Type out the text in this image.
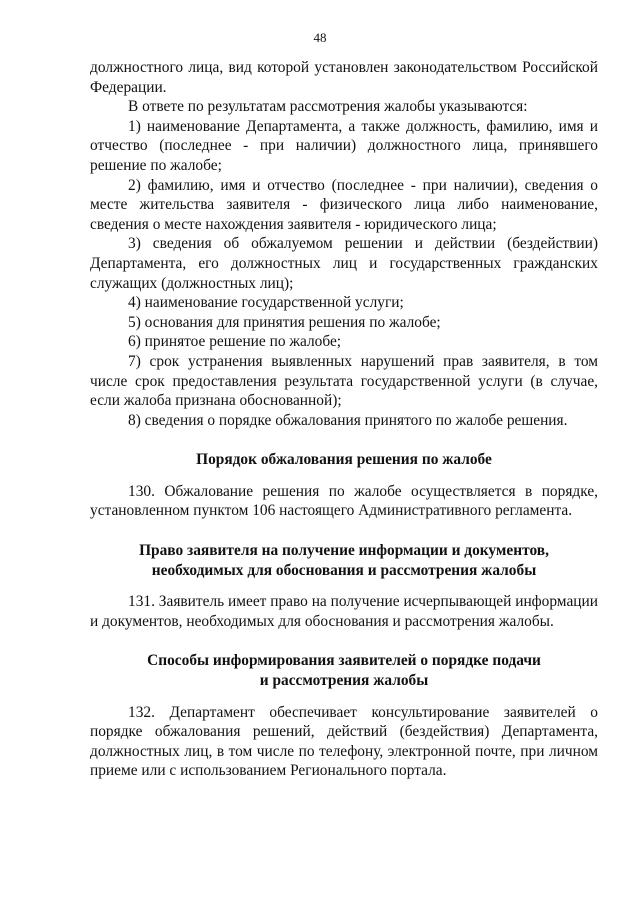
48

должностного лица, вид которой установлен законодательством Российской Федерации.

В ответе по результатам рассмотрения жалобы указываются:

1) наименование Департамента, а также должность, фамилию, имя и отчество (последнее - при наличии) должностного лица, принявшего решение по жалобе;

2) фамилию, имя и отчество (последнее - при наличии), сведения о месте жительства заявителя - физического лица либо наименование, сведения о месте нахождения заявителя - юридического лица;

3) сведения об обжалуемом решении и действии (бездействии) Департамента, его должностных лиц и государственных гражданских служащих (должностных лиц);

4) наименование государственной услуги;

5) основания для принятия решения по жалобе;

6) принятое решение по жалобе;

7) срок устранения выявленных нарушений прав заявителя, в том числе срок предоставления результата государственной услуги (в случае, если жалоба признана обоснованной);

8) сведения о порядке обжалования принятого по жалобе решения.

Порядок обжалования решения по жалобе

130. Обжалование решения по жалобе осуществляется в порядке, установленном пунктом 106 настоящего Административного регламента.

Право заявителя на получение информации и документов,

необходимых для обоснования и рассмотрения жалобы

131. Заявитель имеет право на получение исчерпывающей информации и документов, необходимых для обоснования и рассмотрения жалобы.

Способы информирования заявителей о порядке подачи

и рассмотрения жалобы

132. Департамент обеспечивает консультирование заявителей о порядке обжалования решений, действий (бездействия) Департамента, должностных лиц, в том числе по телефону, электронной почте, при личном приеме или с использованием Регионального портала.
